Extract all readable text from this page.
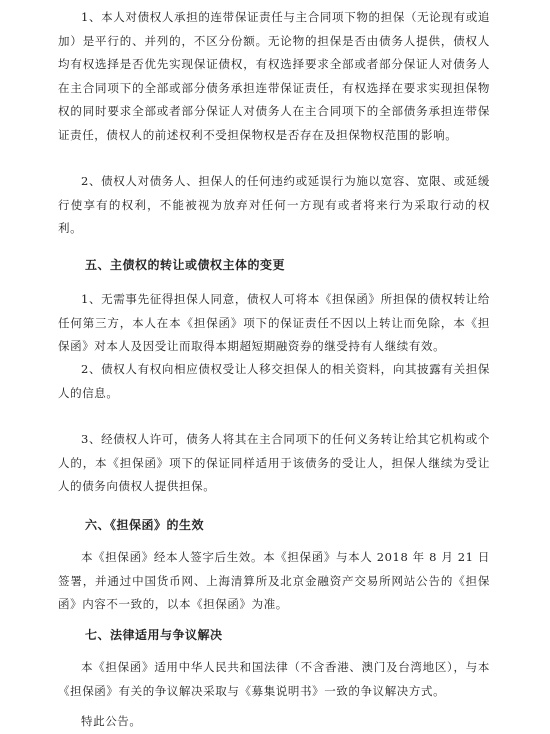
1、本人对债权人承担的连带保证责任与主合同项下物的担保（无论现有或追加）是平行的、并列的，不区分份额。无论物的担保是否由债务人提供，债权人均有权选择是否优先实现保证债权，有权选择要求全部或者部分保证人对债务人在主合同项下的全部或部分债务承担连带保证责任，有权选择在要求实现担保物权的同时要求全部或者部分保证人对债务人在主合同项下的全部债务承担连带保证责任，债权人的前述权利不受担保物权是否存在及担保物权范围的影响。

2、债权人对债务人、担保人的任何违约或延误行为施以宽容、宽限、或延缓行使享有的权利，不能被视为放弃对任何一方现有或者将来行为采取行动的权利。

五、主债权的转让或债权主体的变更

1、无需事先征得担保人同意，债权人可将本《担保函》所担保的债权转让给任何第三方，本人在本《担保函》项下的保证责任不因以上转让而免除，本《担保函》对本人及因受让而取得本期超短期融资券的继受持有人继续有效。

2、债权人有权向相应债权受让人移交担保人的相关资料，向其披露有关担保人的信息。

3、经债权人许可，债务人将其在主合同项下的任何义务转让给其它机构或个人的，本《担保函》项下的保证同样适用于该债务的受让人，担保人继续为受让人的债务向债权人提供担保。

六、《担保函》的生效

本《担保函》经本人签字后生效。本《担保函》与本人 2018 年 8 月 21 日签署，并通过中国货币网、上海清算所及北京金融资产交易所网站公告的《担保函》内容不一致的，以本《担保函》为准。

七、法律适用与争议解决

本《担保函》适用中华人民共和国法律（不含香港、澳门及台湾地区），与本《担保函》有关的争议解决采取与《募集说明书》一致的争议解决方式。

特此公告。
